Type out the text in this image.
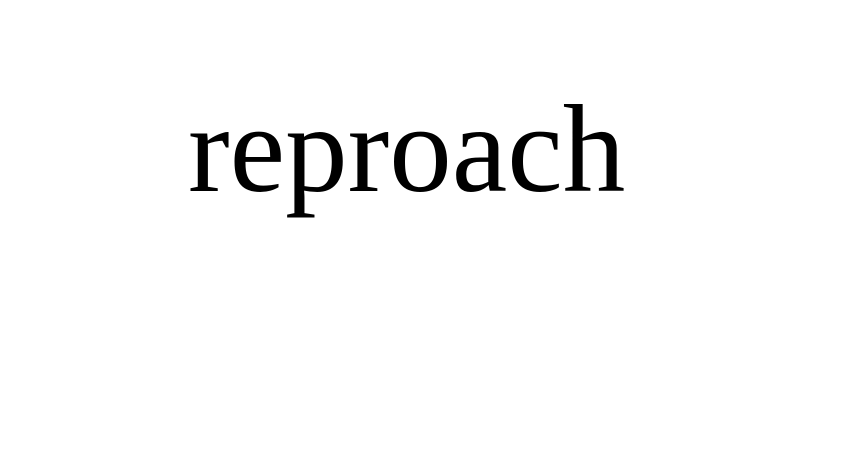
reproach
